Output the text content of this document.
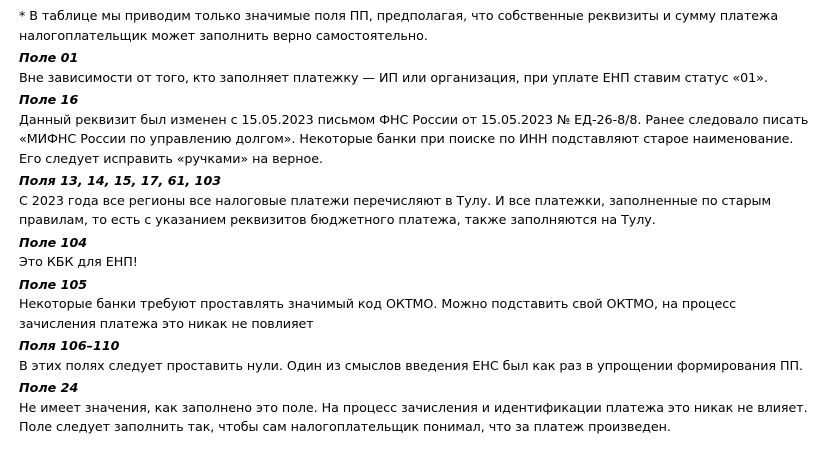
* В таблице мы приводим только значимые поля ПП, предполагая, что собственные реквизиты и сумму платежа налогоплательщик может заполнить верно самостоятельно.

Поле 01

Вне зависимости от того, кто заполняет платежку — ИП или организация, при уплате ЕНП ставим статус «01».

Поле 16

Данный реквизит был изменен с 15.05.2023 письмом ФНС России от 15.05.2023 № ЕД-26-8/8. Ранее следовало писать «МИФНС России по управлению долгом». Некоторые банки при поиске по ИНН подставляют старое наименование. Его следует исправить «ручками» на верное.

Поля 13, 14, 15, 17, 61, 103

С 2023 года все регионы все налоговые платежи перечисляют в Тулу. И все платежки, заполненные по старым правилам, то есть с указанием реквизитов бюджетного платежа, также заполняются на Тулу.

Поле 104

Это КБК для ЕНП!

Поле 105

Некоторые банки требуют проставлять значимый код ОКТМО. Можно подставить свой ОКТМО, на процесс зачисления платежа это никак не повлияет

Поля 106–110

В этих полях следует проставить нули. Один из смыслов введения ЕНС был как раз в упрощении формирования ПП.

Поле 24

Не имеет значения, как заполнено это поле. На процесс зачисления и идентификации платежа это никак не влияет. Поле следует заполнить так, чтобы сам налогоплательщик понимал, что за платеж произведен.
